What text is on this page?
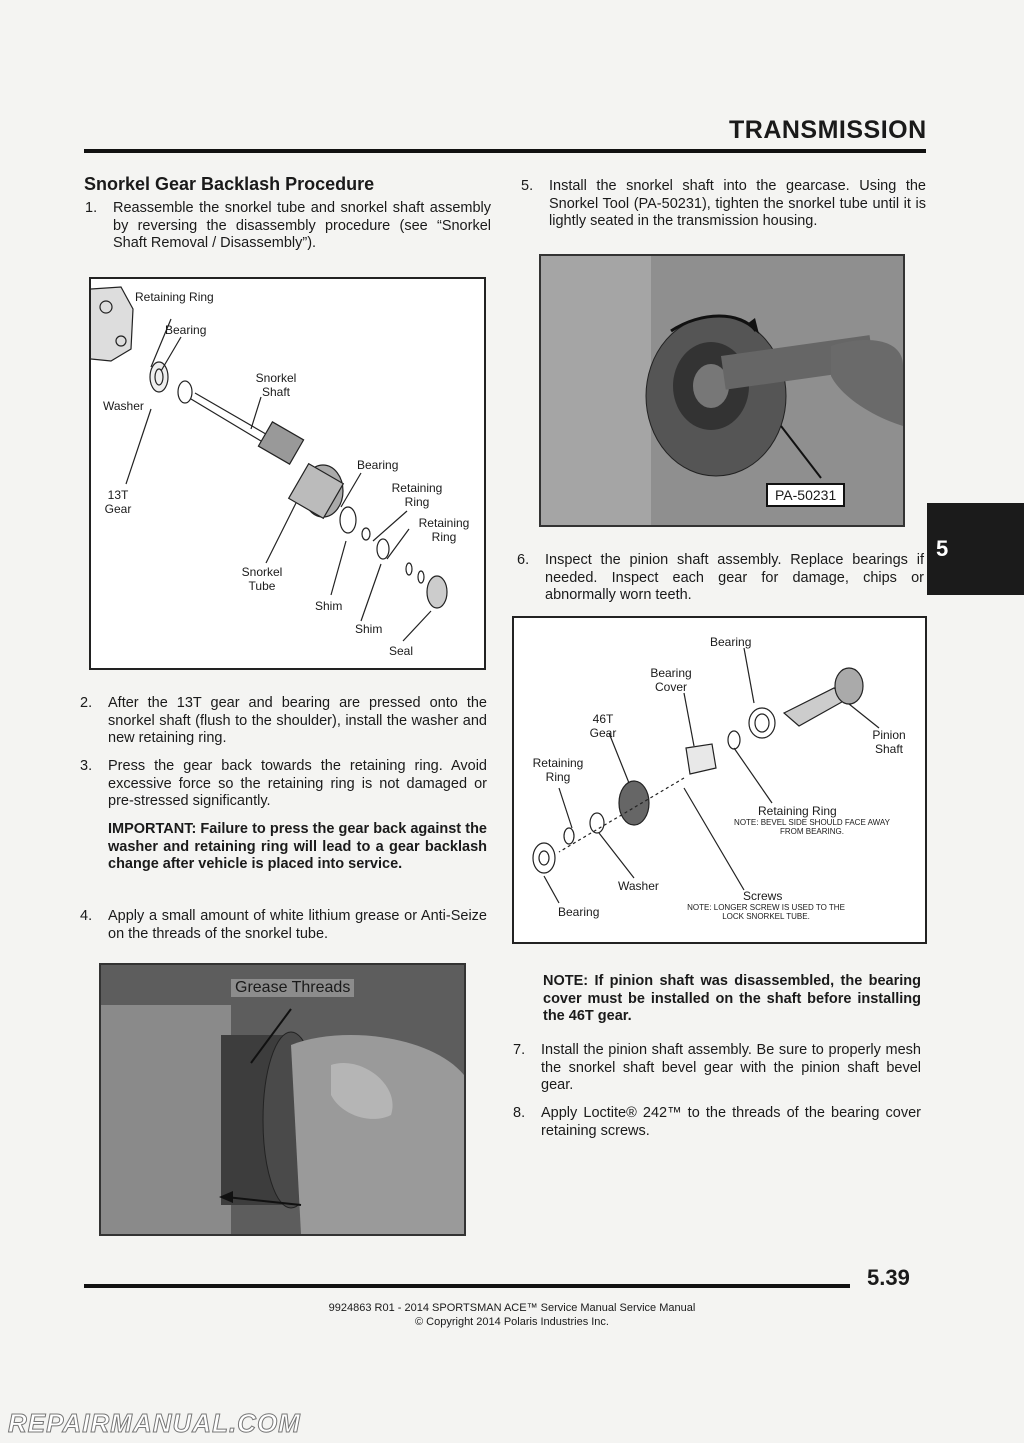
TRANSMISSION
Snorkel Gear Backlash Procedure
1. Reassemble the snorkel tube and snorkel shaft assembly by reversing the disassembly procedure (see “Snorkel Shaft Removal / Disassembly”).
Retaining Ring
Bearing
Washer
Snorkel Shaft
Bearing
Retaining Ring
Retaining Ring
13T Gear
Snorkel Tube
Shim
Shim
Seal
2. After the 13T gear and bearing are pressed onto the snorkel shaft (flush to the shoulder), install the washer and new retaining ring.
3. Press the gear back towards the retaining ring. Avoid excessive force so the retaining ring is not damaged or pre-stressed significantly.
IMPORTANT: Failure to press the gear back against the washer and retaining ring will lead to a gear backlash change after vehicle is placed into service.
4. Apply a small amount of white lithium grease or Anti-Seize on the threads of the snorkel tube.
Grease Threads
5. Install the snorkel shaft into the gearcase. Using the Snorkel Tool (PA-50231), tighten the snorkel tube until it is lightly seated in the transmission housing.
PA-50231
6. Inspect the pinion shaft assembly. Replace bearings if needed. Inspect each gear for damage, chips or abnormally worn teeth.
Bearing
Bearing Cover
46T Gear
Retaining Ring
Pinion Shaft
Retaining Ring
NOTE: BEVEL SIDE SHOULD FACE AWAY FROM BEARING.
Washer
Screws
NOTE: LONGER SCREW IS USED TO THE LOCK SNORKEL TUBE.
Bearing
NOTE: If pinion shaft was disassembled, the bearing cover must be installed on the shaft before installing the 46T gear.
7. Install the pinion shaft assembly. Be sure to properly mesh the snorkel shaft bevel gear with the pinion shaft bevel gear.
8. Apply Loctite® 242™ to the threads of the bearing cover retaining screws.
5
5.39
9924863 R01 - 2014 SPORTSMAN ACE™ Service Manual Service Manual
© Copyright 2014 Polaris Industries Inc.
REPAIRMANUAL.COM
